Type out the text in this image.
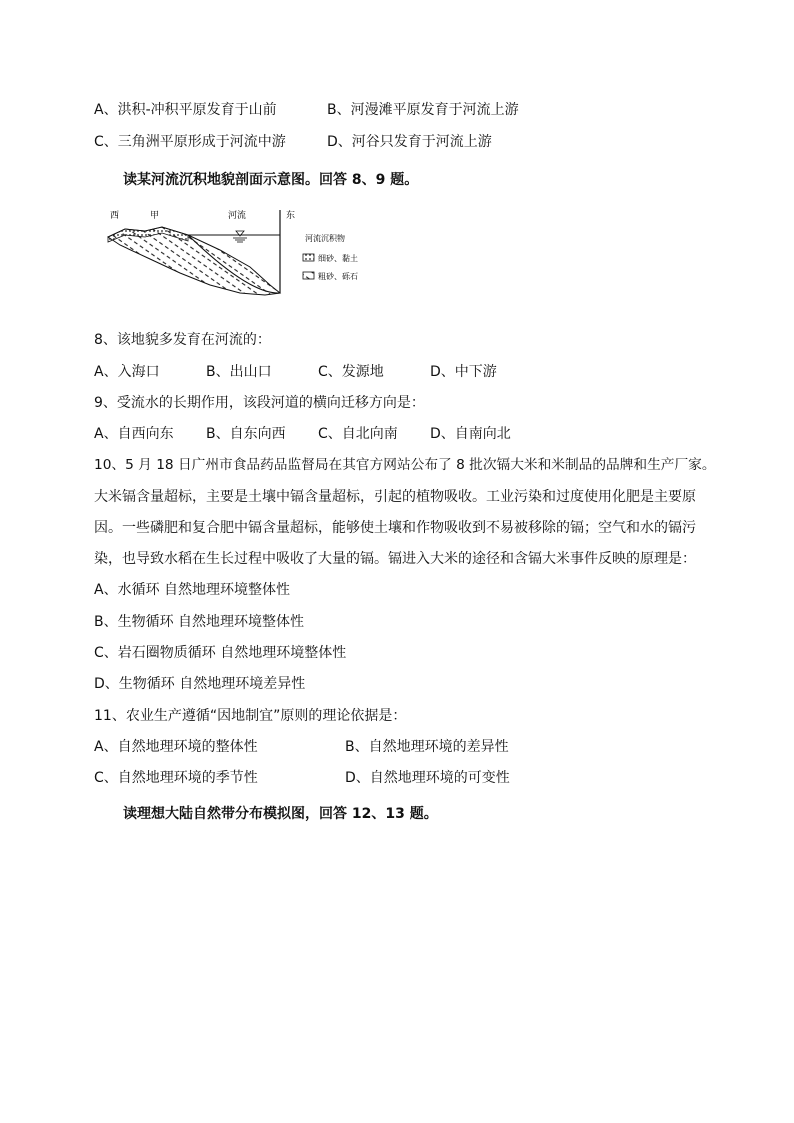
A、洪积-冲积平原发育于山前	B、河漫滩平原发育于河流上游
C、三角洲平原形成于河流中游	D、河谷只发育于河流上游
读某河流沉积地貌剖面示意图。回答 8、9 题。
西	甲	河流	东
河流沉积物
细砂、黏土
粗砂、砾石
8、该地貌多发育在河流的：
A、入海口	B、出山口	C、发源地	D、中下游
9、受流水的长期作用，该段河道的横向迁移方向是：
A、自西向东 B、自东向西 C、自北向南 D、自南向北
10、5 月 18 日广州市食品药品监督局在其官方网站公布了 8 批次镉大米和米制品的品牌和生产厂家。
大米镉含量超标，主要是土壤中镉含量超标，引起的植物吸收。工业污染和过度使用化肥是主要原
因。一些磷肥和复合肥中镉含量超标，能够使土壤和作物吸收到不易被移除的镉；空气和水的镉污
染，也导致水稻在生长过程中吸收了大量的镉。镉进入大米的途径和含镉大米事件反映的原理是：
A、水循环 自然地理环境整体性
B、生物循环 自然地理环境整体性
C、岩石圈物质循环 自然地理环境整体性
D、生物循环 自然地理环境差异性
11、农业生产遵循“因地制宜”原则的理论依据是：
A、自然地理环境的整体性	B、自然地理环境的差异性
C、自然地理环境的季节性	D、自然地理环境的可变性
读理想大陆自然带分布模拟图，回答 12、13 题。
